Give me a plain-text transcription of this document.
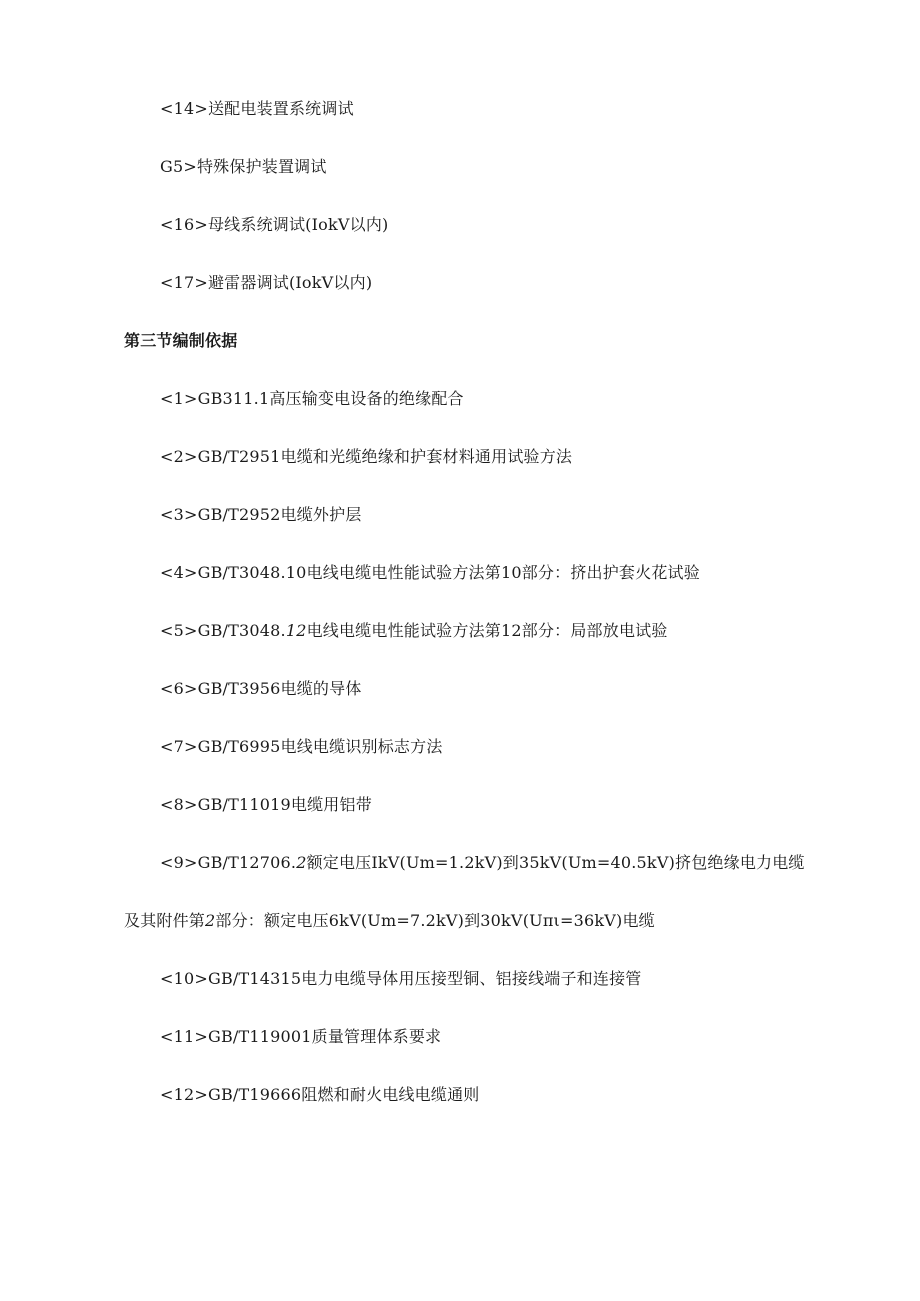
<14>送配电装置系统调试
G5>特殊保护装置调试
<16>母线系统调试(IokV以内)
<17>避雷器调试(IokV以内)
第三节编制依据
<1>GB311.1高压输变电设备的绝缘配合
<2>GB/T2951电缆和光缆绝缘和护套材料通用试验方法
<3>GB/T2952电缆外护层
<4>GB/T3048.10电线电缆电性能试验方法第10部分：挤出护套火花试验
<5>GB/T3048.12电线电缆电性能试验方法第12部分：局部放电试验
<6>GB/T3956电缆的导体
<7>GB/T6995电线电缆识别标志方法
<8>GB/T11019电缆用铝带
<9>GB/T12706.2额定电压IkV(Um=1.2kV)到35kV(Um=40.5kV)挤包绝缘电力电缆
及其附件第2部分：额定电压6kV(Um=7.2kV)到30kV(Uπι=36kV)电缆
<10>GB/T14315电力电缆导体用压接型铜、铝接线端子和连接管
<11>GB/T119001质量管理体系要求
<12>GB/T19666阻燃和耐火电线电缆通则
